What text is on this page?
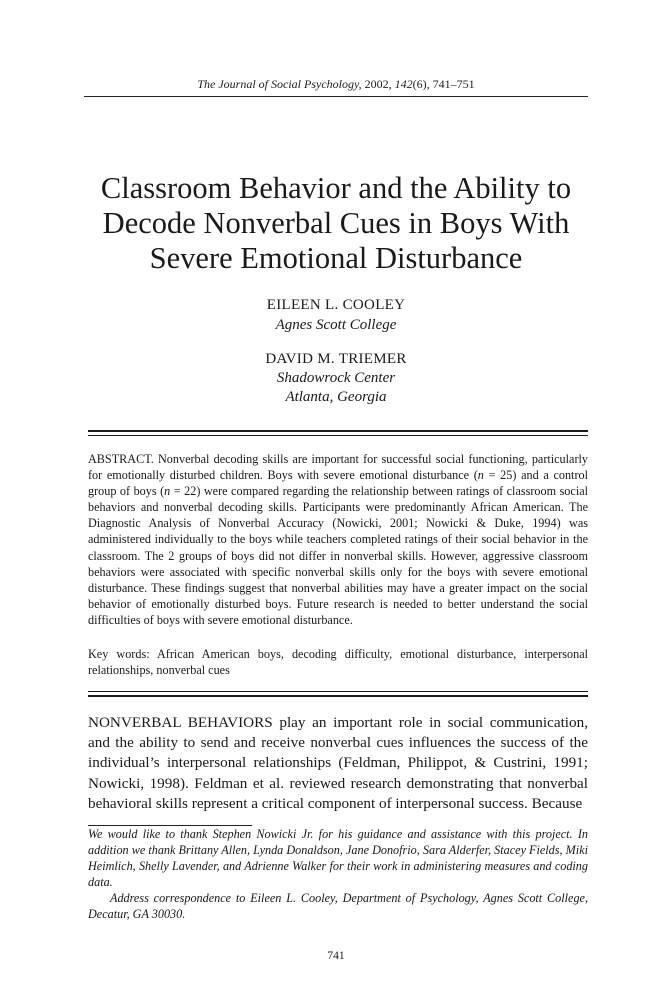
The Journal of Social Psychology, 2002, 142(6), 741–751
Classroom Behavior and the Ability to
Decode Nonverbal Cues in Boys With
Severe Emotional Disturbance
EILEEN L. COOLEY
Agnes Scott College
DAVID M. TRIEMER
Shadowrock Center
Atlanta, Georgia

ABSTRACT. Nonverbal decoding skills are important for successful social functioning, particularly for emotionally disturbed children. Boys with severe emotional disturbance (n = 25) and a control group of boys (n = 22) were compared regarding the relationship between ratings of classroom social behaviors and nonverbal decoding skills. Participants were predominantly African American. The Diagnostic Analysis of Nonverbal Accuracy (Nowicki, 2001; Nowicki & Duke, 1994) was administered individually to the boys while teachers completed ratings of their social behavior in the classroom. The 2 groups of boys did not differ in nonverbal skills. However, aggressive classroom behaviors were associated with specific nonverbal skills only for the boys with severe emotional disturbance. These findings suggest that nonverbal abilities may have a greater impact on the social behavior of emotionally disturbed boys. Future research is needed to better understand the social difficulties of boys with severe emotional disturbance.

Key words: African American boys, decoding difficulty, emotional disturbance, interpersonal relationships, nonverbal cues
NONVERBAL BEHAVIORS play an important role in social communication, and the ability to send and receive nonverbal cues influences the success of the individual’s interpersonal relationships (Feldman, Philippot, & Custrini, 1991; Nowicki, 1998). Feldman et al. reviewed research demonstrating that nonverbal behavioral skills represent a critical component of interpersonal success. Because

We would like to thank Stephen Nowicki Jr. for his guidance and assistance with this project. In addition we thank Brittany Allen, Lynda Donaldson, Jane Donofrio, Sara Alderfer, Stacey Fields, Miki Heimlich, Shelly Lavender, and Adrienne Walker for their work in administering measures and coding data.

Address correspondence to Eileen L. Cooley, Department of Psychology, Agnes Scott College, Decatur, GA 30030.

741
